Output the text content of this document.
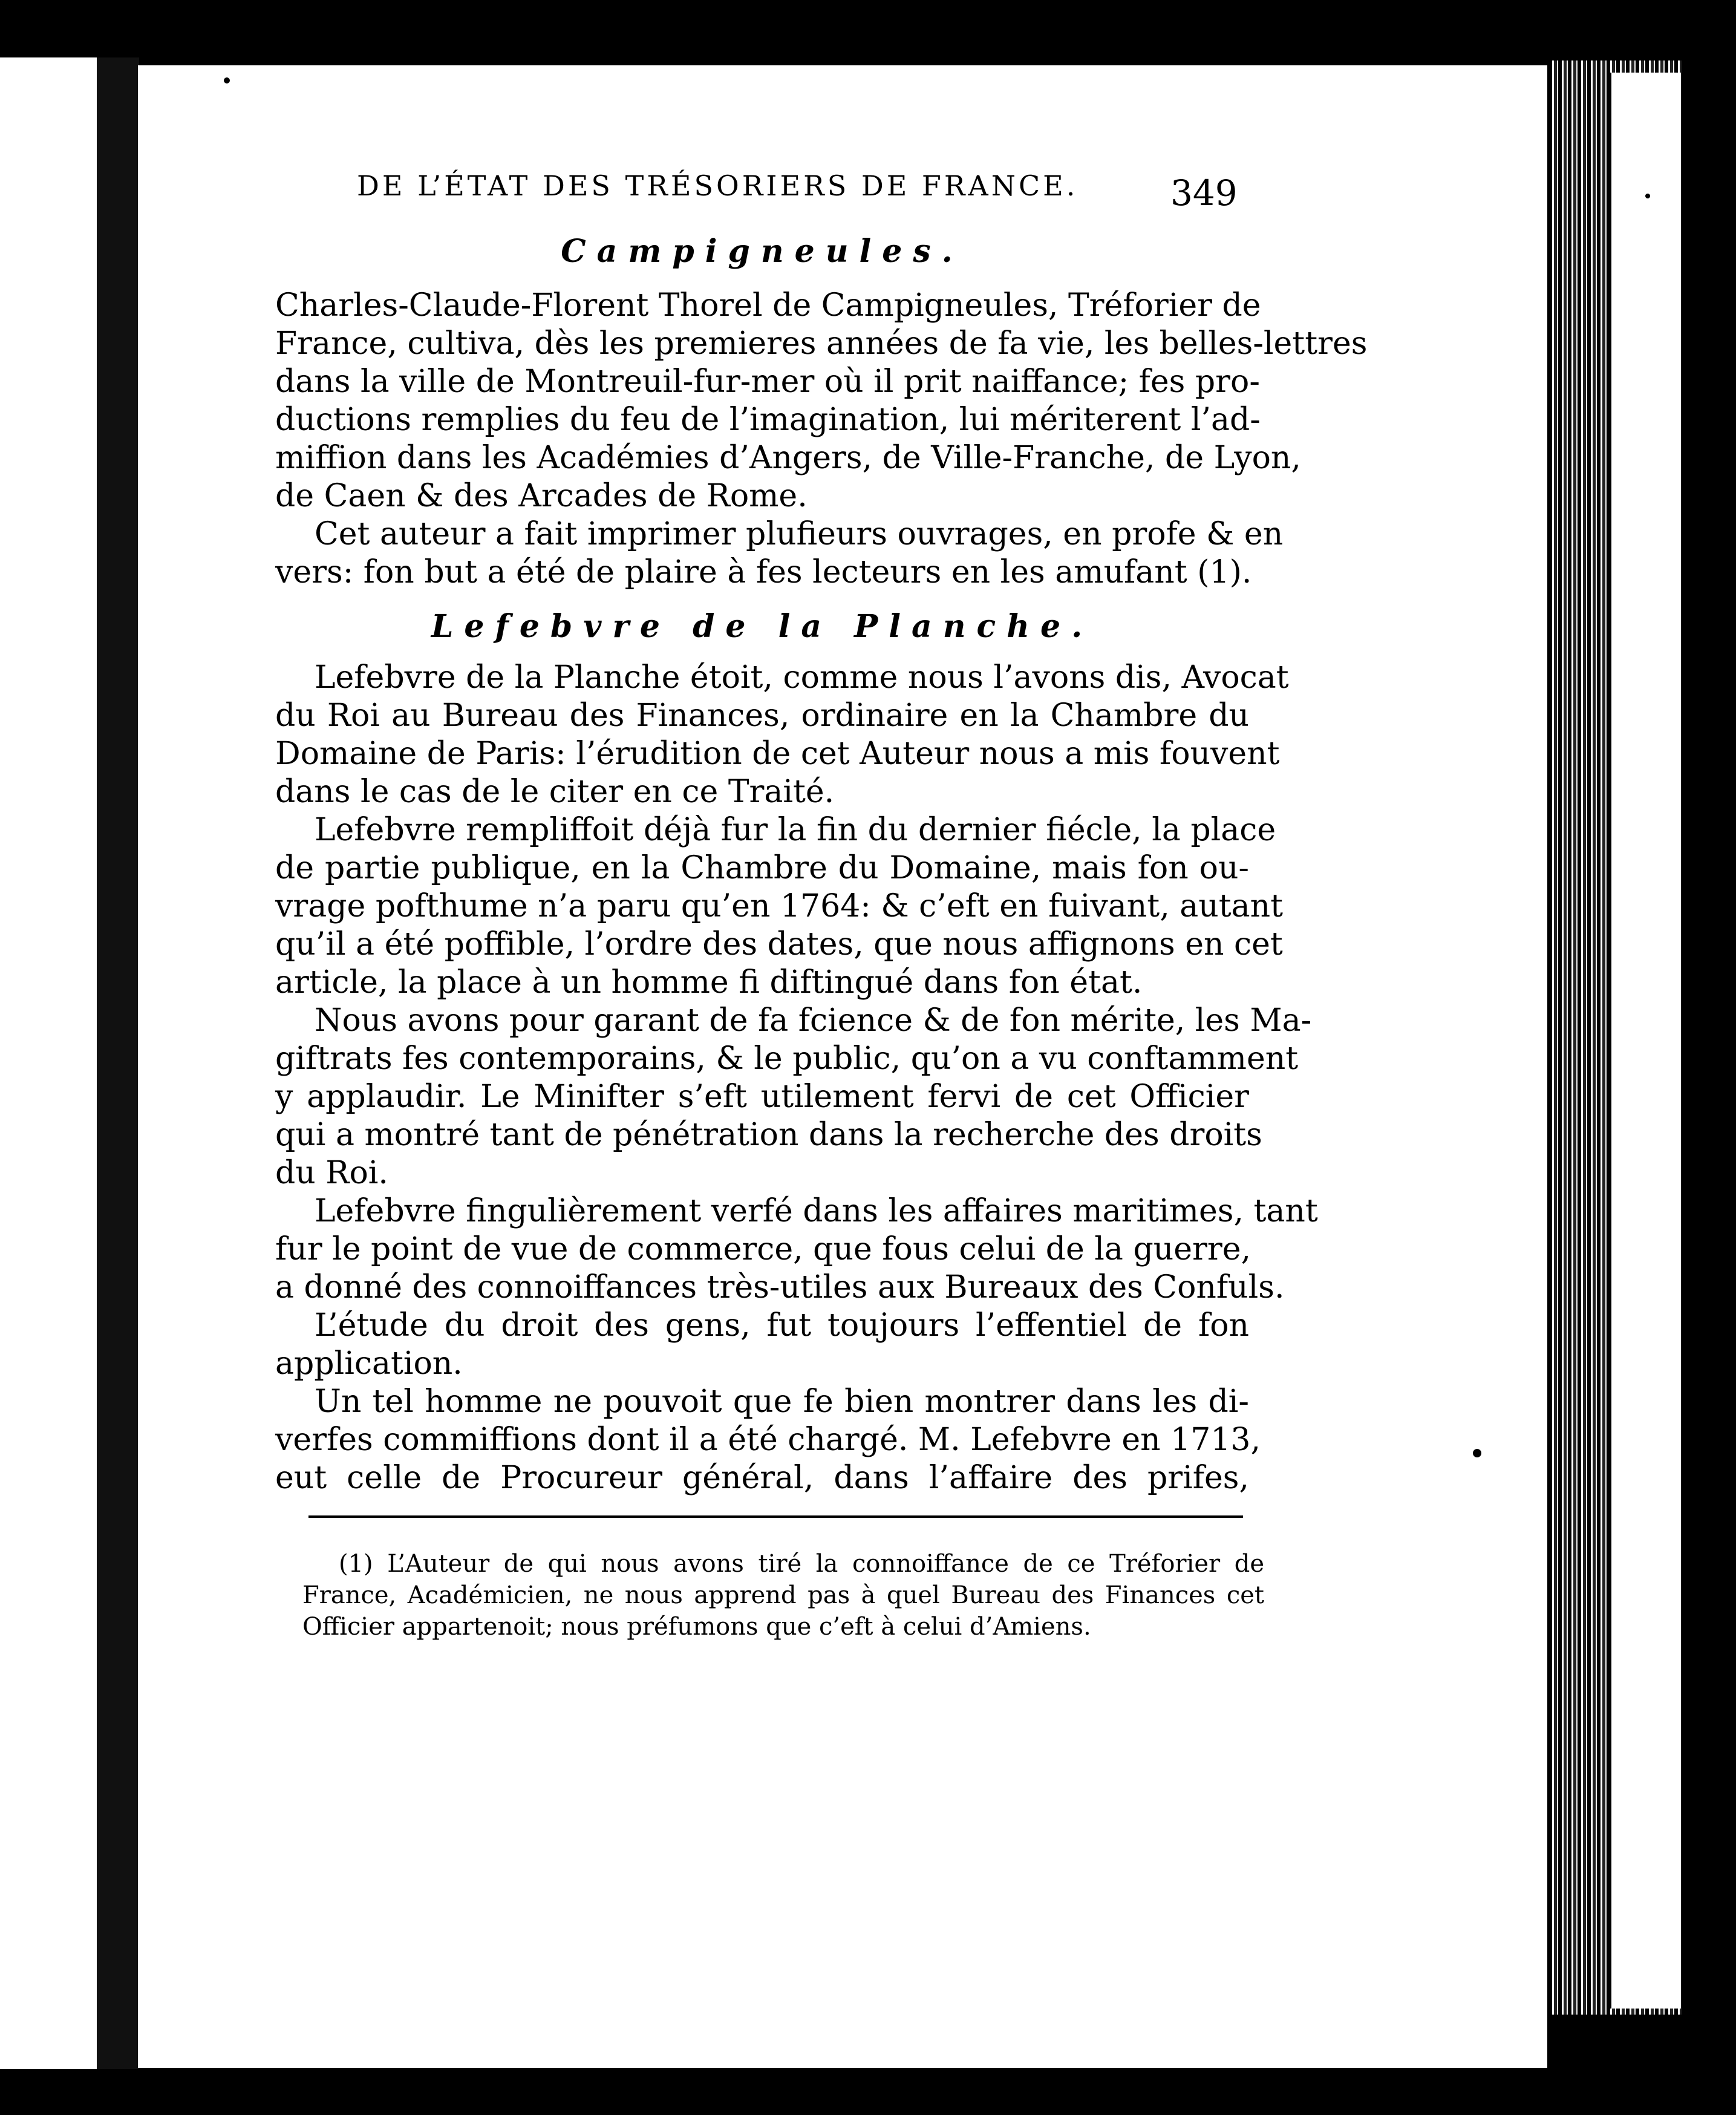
DE L’ÉTAT DES TRÉSORIERS DE FRANCE.	349
Campigneules.
Charles-Claude-Florent Thorel de Campigneules, Tréforier de
France, cultiva, dès les premieres années de fa vie, les belles-lettres
dans la ville de Montreuil-fur-mer où il prit naiffance; fes pro-
ductions remplies du feu de l’imagination, lui mériterent l’ad-
miffion dans les Académies d’Angers, de Ville-Franche, de Lyon,
de Caen & des Arcades de Rome.
Cet auteur a fait imprimer plufieurs ouvrages, en profe & en
vers: fon but a été de plaire à fes lecteurs en les amufant (1).
Lefebvre de la Planche.
Lefebvre de la Planche étoit, comme nous l’avons dis, Avocat
du Roi au Bureau des Finances, ordinaire en la Chambre du
Domaine de Paris: l’érudition de cet Auteur nous a mis fouvent
dans le cas de le citer en ce Traité.
Lefebvre rempliffoit déjà fur la fin du dernier fiécle, la place
de partie publique, en la Chambre du Domaine, mais fon ou-
vrage pofthume n’a paru qu’en 1764: & c’eft en fuivant, autant
qu’il a été poffible, l’ordre des dates, que nous affignons en cet
article, la place à un homme fi diftingué dans fon état.
Nous avons pour garant de fa fcience & de fon mérite, les Ma-
giftrats fes contemporains, & le public, qu’on a vu conftamment
y applaudir. Le Minifter s’eft utilement fervi de cet Officier
qui a montré tant de pénétration dans la recherche des droits
du Roi.
Lefebvre fingulièrement verfé dans les affaires maritimes, tant
fur le point de vue de commerce, que fous celui de la guerre,
a donné des connoiffances très-utiles aux Bureaux des Confuls.
L’étude du droit des gens, fut toujours l’effentiel de fon
application.
Un tel homme ne pouvoit que fe bien montrer dans les di-
verfes commiffions dont il a été chargé. M. Lefebvre en 1713,
eut celle de Procureur général, dans l’affaire des prifes,
(1) L’Auteur de qui nous avons tiré la connoiffance de ce Tréforier de
France, Académicien, ne nous apprend pas à quel Bureau des Finances cet
Officier appartenoit; nous préfumons que c’eft à celui d’Amiens.
